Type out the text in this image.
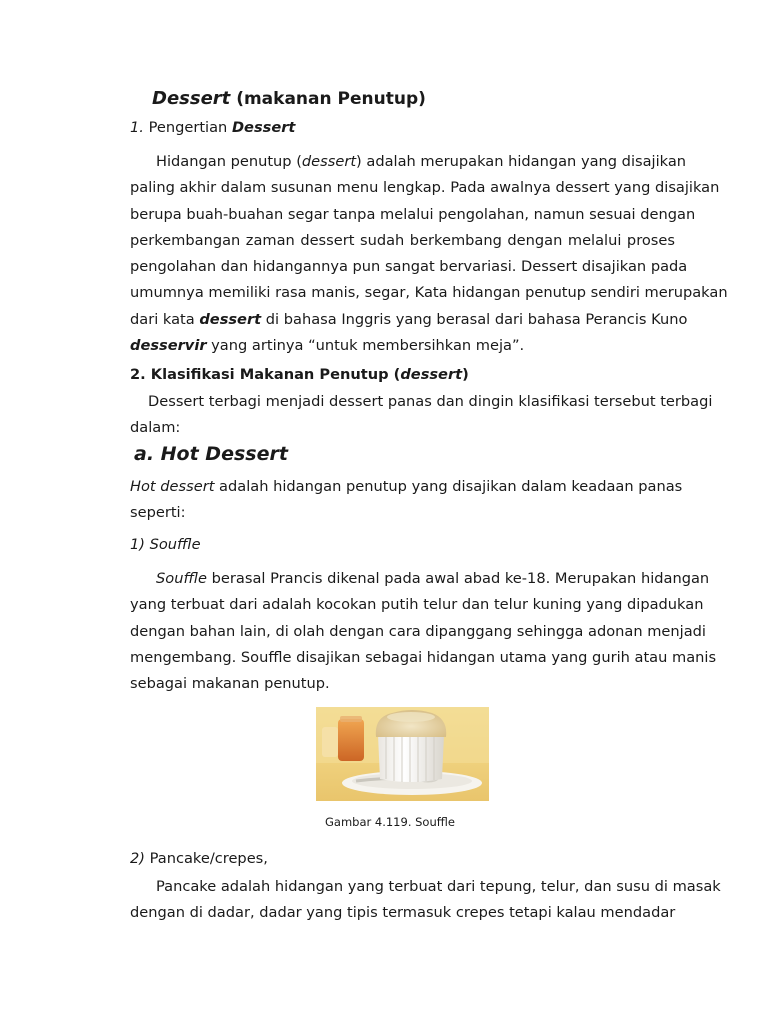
Dessert (makanan Penutup)
1. Pengertian Dessert
Hidangan penutup (dessert) adalah merupakan hidangan yang disajikan
paling akhir dalam susunan menu lengkap. Pada awalnya dessert yang disajikan
berupa buah-buahan segar tanpa melalui pengolahan, namun sesuai dengan
perkembangan zaman dessert sudah berkembang dengan melalui proses
pengolahan dan hidangannya pun sangat bervariasi. Dessert disajikan pada
umumnya memiliki rasa manis, segar, Kata hidangan penutup sendiri merupakan
dari kata dessert di bahasa Inggris yang berasal dari bahasa Perancis Kuno
desservir yang artinya “untuk membersihkan meja”.
2. Klasifikasi Makanan Penutup (dessert)
Dessert terbagi menjadi dessert panas dan dingin klasifikasi tersebut terbagi
dalam:
a. Hot Dessert
Hot dessert adalah hidangan penutup yang disajikan dalam keadaan panas
seperti:
1) Souffle
Souffle berasal Prancis dikenal pada awal abad ke-18. Merupakan hidangan
yang terbuat dari adalah kocokan putih telur dan telur kuning yang dipadukan
dengan bahan lain, di olah dengan cara dipanggang sehingga adonan menjadi
mengembang. Souffle disajikan sebagai hidangan utama yang gurih atau manis
sebagai makanan penutup.
Gambar 4.119. Souffle
2) Pancake/crepes,
Pancake adalah hidangan yang terbuat dari tepung, telur, dan susu di masak
dengan di dadar, dadar yang tipis termasuk crepes tetapi kalau mendadar
